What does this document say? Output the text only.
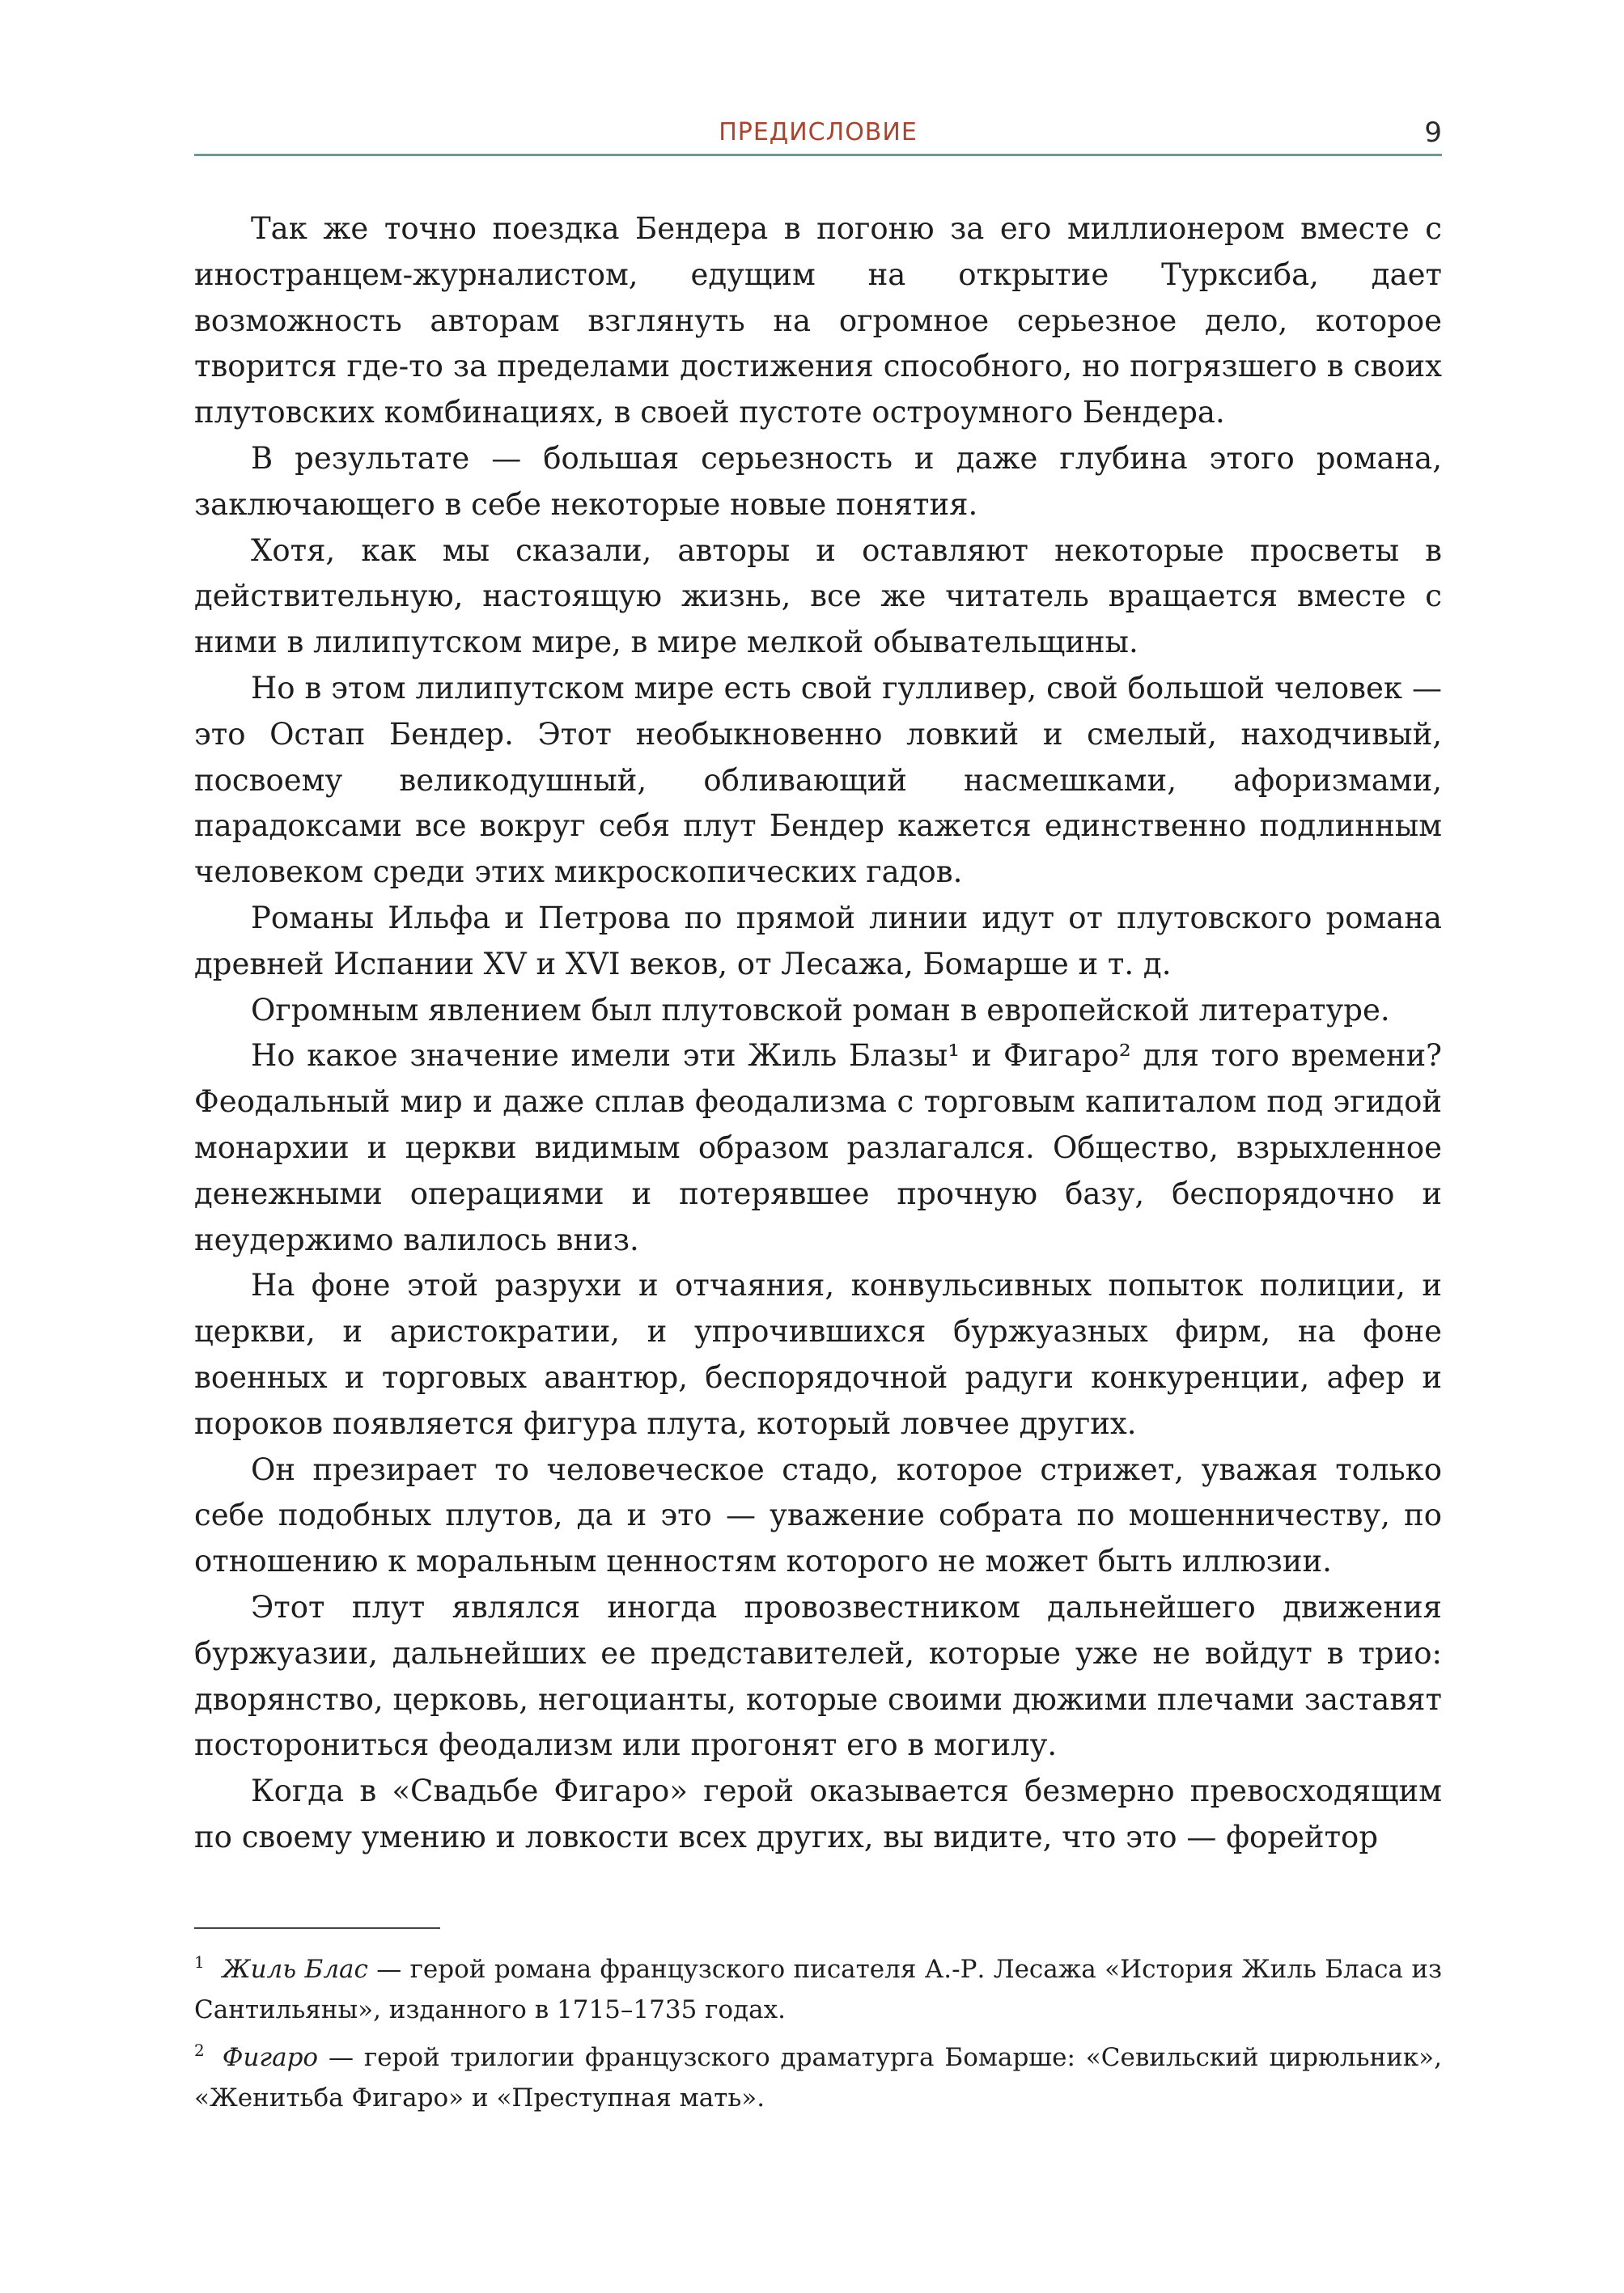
ПРЕДИСЛОВИЕ	9

Так же точно поездка Бендера в погоню за его миллионером вместе с иностранцем-журналистом, едущим на открытие Турксиба, дает возможность авторам взглянуть на огромное серьезное дело, которое творится где-то за пределами достижения способного, но погрязшего в своих плутовских комбинациях, в своей пустоте остроумного Бендера.

В результате — большая серьезность и даже глубина этого романа, заключающего в себе некоторые новые понятия.

Хотя, как мы сказали, авторы и оставляют некоторые просветы в действительную, настоящую жизнь, все же читатель вращается вместе с ними в лилипутском мире, в мире мелкой обывательщины.

Но в этом лилипутском мире есть свой гулливер, свой большой человек — это Остап Бендер. Этот необыкновенно ловкий и смелый, находчивый, посвоему великодушный, обливающий насмешками, афоризмами, парадоксами все вокруг себя плут Бендер кажется единственно подлинным человеком среди этих микроскопических гадов.

Романы Ильфа и Петрова по прямой линии идут от плутовского романа древней Испании XV и XVI веков, от Лесажа, Бомарше и т. д.

Огромным явлением был плутовской роман в европейской литературе.

Но какое значение имели эти Жиль Блазы¹ и Фигаро² для того времени? Феодальный мир и даже сплав феодализма с торговым капиталом под эгидой монархии и церкви видимым образом разлагался. Общество, взрыхленное денежными операциями и потерявшее прочную базу, беспорядочно и неудержимо валилось вниз.

На фоне этой разрухи и отчаяния, конвульсивных попыток полиции, и церкви, и аристократии, и упрочившихся буржуазных фирм, на фоне военных и торговых авантюр, беспорядочной радуги конкуренции, афер и пороков появляется фигура плута, который ловчее других.

Он презирает то человеческое стадо, которое стрижет, уважая только себе подобных плутов, да и это — уважение собрата по мошенничеству, по отношению к моральным ценностям которого не может быть иллюзии.

Этот плут являлся иногда провозвестником дальнейшего движения буржуазии, дальнейших ее представителей, которые уже не войдут в трио: дворянство, церковь, негоцианты, которые своими дюжими плечами заставят посторониться феодализм или прогонят его в могилу.

Когда в «Свадьбе Фигаро» герой оказывается безмерно превосходящим по своему умению и ловкости всех других, вы видите, что это — форейтор

$^1$ Жиль Блас — герой романа французского писателя А.-Р. Лесажа «История Жиль Бласа из Сантильяны», изданного в 1715–1735 годах.

$^2$ Фигаро — герой трилогии французского драматурга Бомарше: «Севильский цирюльник», «Женитьба Фигаро» и «Преступная мать».
